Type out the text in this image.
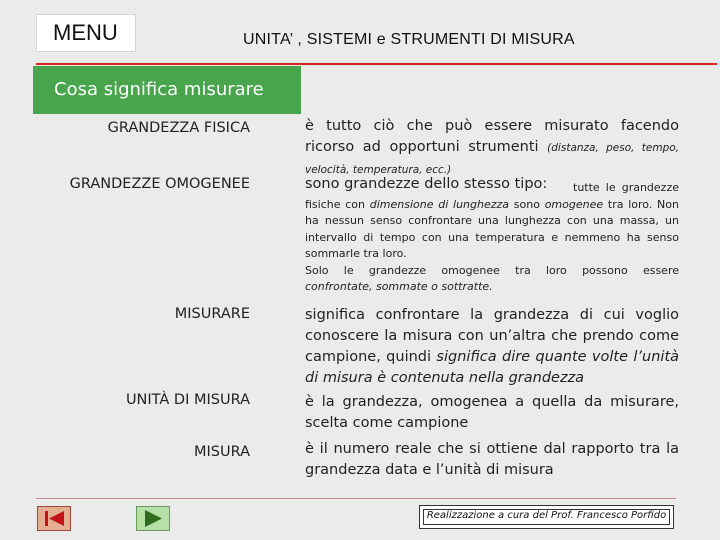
MENU	UNITA’ , SISTEMI e STRUMENTI DI MISURA
Cosa significa misurare
GRANDEZZA FISICA	è tutto ciò che può essere misurato facendo ricorso ad opportuni strumenti (distanza, peso, tempo, velocità, temperatura, ecc.)
GRANDEZZE OMOGENEE	sono grandezze dello stesso tipo:	tutte le grandezze fisiche con dimensione di lunghezza sono omogenee tra loro. Non ha nessun senso confrontare una lunghezza con una massa, un intervallo di tempo con una temperatura e nemmeno ha senso sommarle tra loro.

Solo le grandezze omogenee tra loro possono essere

confrontate, sommate o sottratte.

MISURARE	significa confrontare la grandezza di cui voglio conoscere la misura con un’altra che prendo come campione, quindi significa dire quante volte l’unità di misura è contenuta nella grandezza
UNITÀ DI MISURA	è la grandezza, omogenea a quella da misurare, scelta come campione
MISURA	è il numero reale che si ottiene dal rapporto tra la grandezza data e l’unità di misura
Realizzazione a cura del Prof. Francesco Porfido
